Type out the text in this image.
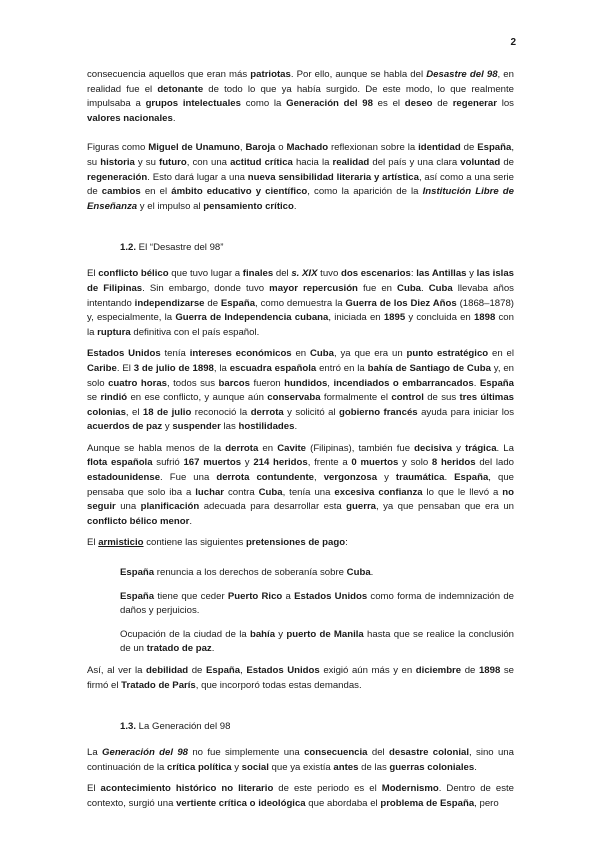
2

consecuencia aquellos que eran más patriotas. Por ello, aunque se habla del Desastre del 98, en realidad fue el detonante de todo lo que ya había surgido. De este modo, lo que realmente impulsaba a grupos intelectuales como la Generación del 98 es el deseo de regenerar los valores nacionales.

Figuras como Miguel de Unamuno, Baroja o Machado reflexionan sobre la identidad de España, su historia y su futuro, con una actitud crítica hacia la realidad del país y una clara voluntad de regeneración. Esto dará lugar a una nueva sensibilidad literaria y artística, así como a una serie de cambios en el ámbito educativo y científico, como la aparición de la Institución Libre de Enseñanza y el impulso al pensamiento crítico.

1.2. El “Desastre del 98”

El conflicto bélico que tuvo lugar a finales del s. XIX tuvo dos escenarios: las Antillas y las islas de Filipinas. Sin embargo, donde tuvo mayor repercusión fue en Cuba. Cuba llevaba años intentando independizarse de España, como demuestra la Guerra de los Diez Años (1868–1878) y, especialmente, la Guerra de Independencia cubana, iniciada en 1895 y concluida en 1898 con la ruptura definitiva con el país español.

Estados Unidos tenía intereses económicos en Cuba, ya que era un punto estratégico en el Caribe. El 3 de julio de 1898, la escuadra española entró en la bahía de Santiago de Cuba y, en solo cuatro horas, todos sus barcos fueron hundidos, incendiados o embarrancados. España se rindió en ese conflicto, y aunque aún conservaba formalmente el control de sus tres últimas colonias, el 18 de julio reconoció la derrota y solicitó al gobierno francés ayuda para iniciar los acuerdos de paz y suspender las hostilidades.

Aunque se habla menos de la derrota en Cavite (Filipinas), también fue decisiva y trágica. La flota española sufrió 167 muertos y 214 heridos, frente a 0 muertos y solo 8 heridos del lado estadounidense. Fue una derrota contundente, vergonzosa y traumática. España, que pensaba que solo iba a luchar contra Cuba, tenía una excesiva confianza lo que le llevó a no seguir una planificación adecuada para desarrollar esta guerra, ya que pensaban que era un conflicto bélico menor.

El armisticio contiene las siguientes pretensiones de pago:

España renuncia a los derechos de soberanía sobre Cuba.

España tiene que ceder Puerto Rico a Estados Unidos como forma de indemnización de daños y perjuicios.

Ocupación de la ciudad de la bahía y puerto de Manila hasta que se realice la conclusión de un tratado de paz.

Así, al ver la debilidad de España, Estados Unidos exigió aún más y en diciembre de 1898 se firmó el Tratado de París, que incorporó todas estas demandas.

1.3. La Generación del 98

La Generación del 98 no fue simplemente una consecuencia del desastre colonial, sino una continuación de la crítica política y social que ya existía antes de las guerras coloniales.

El acontecimiento histórico no literario de este periodo es el Modernismo. Dentro de este contexto, surgió una vertiente crítica o ideológica que abordaba el problema de España, pero
